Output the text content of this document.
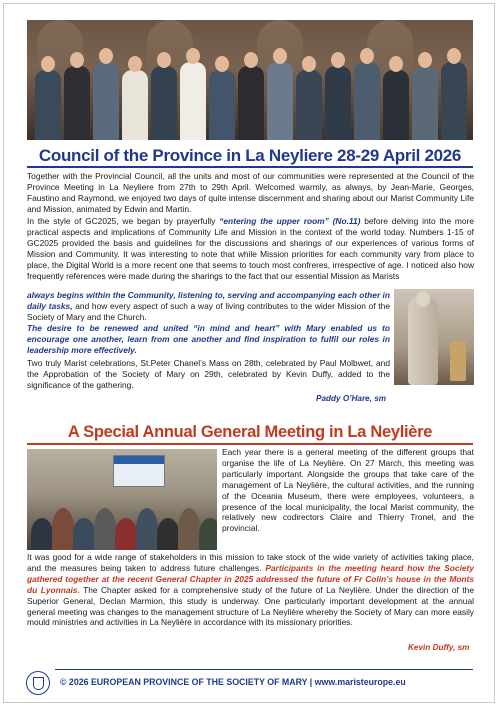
Council of the Province in La Neyliere 28-29 April 2026
Together with the Provincial Council, all the units and most of our communities were represented at the Council of the Province Meeting in La Neyliere from 27th to 29th April. Welcomed warmly, as always, by Jean-Marie, Georges, Faustino and Raymond, we enjoyed two days of quite intense discernment and sharing about our Marist Community Life and Mission, animated by Edwin and Martin.
In the style of GC2025, we began by prayerfully “entering the upper room” (No.11) before delving into the more practical aspects and implications of Community Life and Mission in the context of the world today. Numbers 1-15 of GC2025 provided the basis and guidelines for the discussions and sharings of our experiences of various forms of Mission and Community. It was interesting to note that while Mission priorities for each community vary from place to place, the Digital World is a more recent one that seems to touch most confreres, irrespective of age. I noticed also how frequently references were made during the sharings to the fact that our essential Mission as Marists
always begins within the Community, listening to, serving and accompanying each other in daily tasks, and how every aspect of such a way of living contributes to the wider Mission of the Society of Mary and the Church.
The desire to be renewed and united “in mind and heart” with Mary enabled us to encourage one another, learn from one another and find inspiration to fulfil our roles in leadership more effectively.
Two truly Marist celebrations, St.Peter Chanel’s Mass on 28th, celebrated by Paul Molbwet, and the Approbation of the Society of Mary on 29th, celebrated by Kevin Duffy, added to the significance of the gathering.
Paddy O’Hare, sm
A Special Annual General Meeting in La Neylière
Each year there is a general meeting of the different groups that organise the life of La Neylière. On 27 March, this meeting was particularly important. Alongside the groups that take care of the management of La Neylière, the cultural activities, and the running of the Oceania Museum, there were employees, volunteers, a presence of the local municipality, the local Marist community, the relatively new codirectors Claire and Thierry Tronel, and the provincial.
It was good for a wide range of stakeholders in this mission to take stock of the wide variety of activities taking place, and the measures being taken to address future challenges. Participants in the meeting heard how the Society gathered together at the recent General Chapter in 2025 addressed the future of Fr Colin’s house in the Monts du Lyonnais. The Chapter asked for a comprehensive study of the future of La Neylière. Under the direction of the Superior General, Declan Marmion, this study is underway. One particularly important development at the annual general meeting was changes to the management structure of La Neylière whereby the Society of Mary can more easily mould ministries and activities in La Neylière in accordance with its missionary priorities.
Kevin Duffy, sm
© 2026 EUROPEAN PROVINCE OF THE SOCIETY OF MARY | www.maristeurope.eu
